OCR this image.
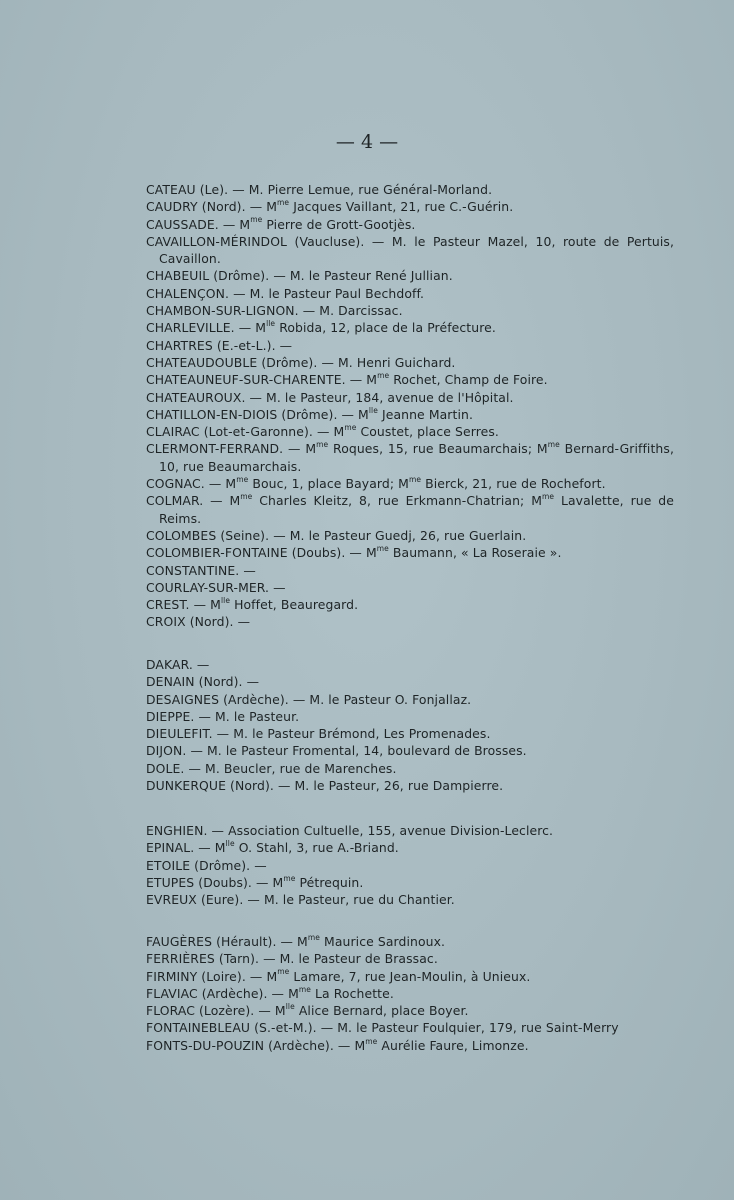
— 4 —
CATEAU (Le). — M. Pierre Lemue, rue Général-Morland.
CAUDRY (Nord). — $M^{me}$ Jacques Vaillant, 21, rue C.-Guérin.
CAUSSADE. — $M^{me}$ Pierre de Grott-Gootjès.
CAVAILLON-MÉRINDOL (Vaucluse). — M. le Pasteur Mazel, 10, route de Pertuis, Cavaillon.
CHABEUIL (Drôme). — M. le Pasteur René Jullian.
CHALENÇON. — M. le Pasteur Paul Bechdoff.
CHAMBON-SUR-LIGNON. — M. Darcissac.
CHARLEVILLE. — $M^{lle}$ Robida, 12, place de la Préfecture.
CHARTRES (E.-et-L.). —
CHATEAUDOUBLE (Drôme). — M. Henri Guichard.
CHATEAUNEUF-SUR-CHARENTE. — $M^{me}$ Rochet, Champ de Foire.
CHATEAUROUX. — M. le Pasteur, 184, avenue de l'Hôpital.
CHATILLON-EN-DIOIS (Drôme). — $M^{lle}$ Jeanne Martin.
CLAIRAC (Lot-et-Garonne). — $M^{me}$ Coustet, place Serres.
CLERMONT-FERRAND. — $M^{me}$ Roques, 15, rue Beaumarchais; $M^{me}$ Bernard-Griffiths, 10, rue Beaumarchais.
COGNAC. — $M^{me}$ Bouc, 1, place Bayard; $M^{me}$ Bierck, 21, rue de Rochefort.
COLMAR. — $M^{me}$ Charles Kleitz, 8, rue Erkmann-Chatrian; $M^{me}$ Lavalette, rue de Reims.
COLOMBES (Seine). — M. le Pasteur Guedj, 26, rue Guerlain.
COLOMBIER-FONTAINE (Doubs). — $M^{me}$ Baumann, « La Roseraie ».
CONSTANTINE. —
COURLAY-SUR-MER. —
CREST. — $M^{lle}$ Hoffet, Beauregard.
CROIX (Nord). —
DAKAR. —
DENAIN (Nord). —
DESAIGNES (Ardèche). — M. le Pasteur O. Fonjallaz.
DIEPPE. — M. le Pasteur.
DIEULEFIT. — M. le Pasteur Brémond, Les Promenades.
DIJON. — M. le Pasteur Fromental, 14, boulevard de Brosses.
DOLE. — M. Beucler, rue de Marenches.
DUNKERQUE (Nord). — M. le Pasteur, 26, rue Dampierre.
ENGHIEN. — Association Cultuelle, 155, avenue Division-Leclerc.
EPINAL. — $M^{lle}$ O. Stahl, 3, rue A.-Briand.
ETOILE (Drôme). —
ETUPES (Doubs). — $M^{me}$ Pétrequin.
EVREUX (Eure). — M. le Pasteur, rue du Chantier.
FAUGÈRES (Hérault). — $M^{me}$ Maurice Sardinoux.
FERRIÈRES (Tarn). — M. le Pasteur de Brassac.
FIRMINY (Loire). — $M^{me}$ Lamare, 7, rue Jean-Moulin, à Unieux.
FLAVIAC (Ardèche). — $M^{me}$ La Rochette.
FLORAC (Lozère). — $M^{lle}$ Alice Bernard, place Boyer.
FONTAINEBLEAU (S.-et-M.). — M. le Pasteur Foulquier, 179, rue Saint-Merry
FONTS-DU-POUZIN (Ardèche). — $M^{me}$ Aurélie Faure, Limonze.
